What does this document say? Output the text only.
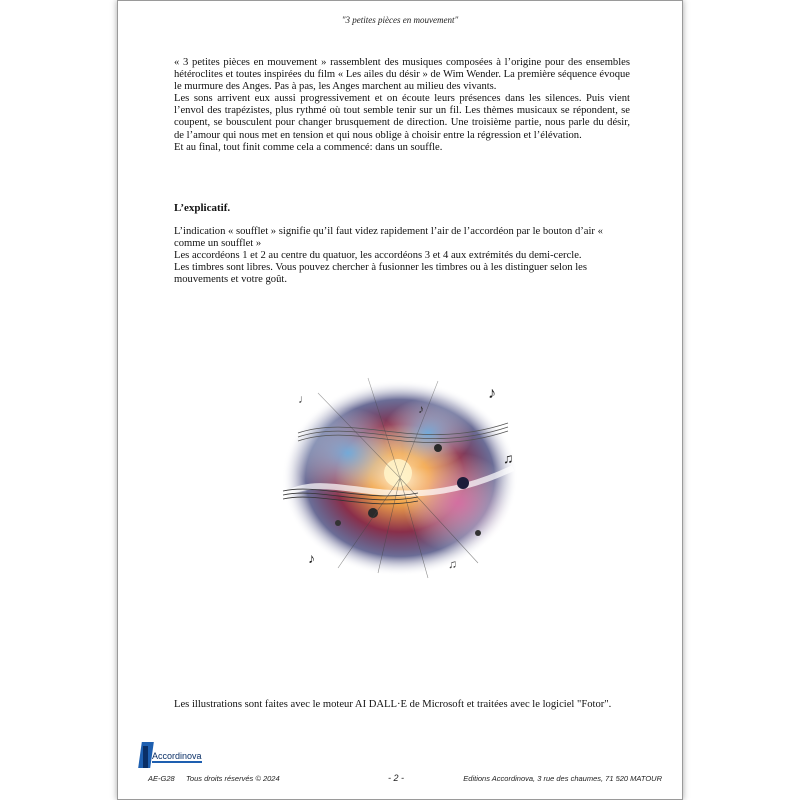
"3 petites pièces en mouvement"

« 3 petites pièces en mouvement » rassemblent des musiques composées à l’origine pour des ensembles hétéroclites et toutes inspirées du film « Les ailes du désir » de Wim Wender. La première séquence évoque le murmure des Anges. Pas à pas, les Anges marchent au milieu des vivants.

Les sons arrivent eux aussi progressivement et on écoute leurs présences dans les silences. Puis vient l’envol des trapézistes, plus rythmé où tout semble tenir sur un fil. Les thèmes musicaux se répondent, se coupent, se bousculent pour changer brusquement de direction. Une troisième partie, nous parle du désir, de l’amour qui nous met en tension et qui nous oblige à choisir entre la régression et l’élévation.

Et au final, tout finit comme cela a commencé: dans un souffle.

L’explicatif.

L’indication « soufflet » signifie qu’il faut videz rapidement l’air de l’accordéon par le bouton d’air « comme un soufflet »

Les accordéons 1 et 2 au centre du quatuor, les accordéons 3 et 4 aux extrémités du demi-cercle.

Les timbres sont libres. Vous pouvez chercher à fusionner les timbres ou à les distinguer selon les mouvements et votre goût.

♪
♫
♩
♪	♫
♪
Les illustrations sont faites avec le moteur AI DALL·E de Microsoft et traitées avec le logiciel "Fotor".
Accordinova
AE-G28 Tous droits réservés © 2024	- 2 -	Editions Accordinova, 3 rue des chaumes, 71 520 MATOUR
